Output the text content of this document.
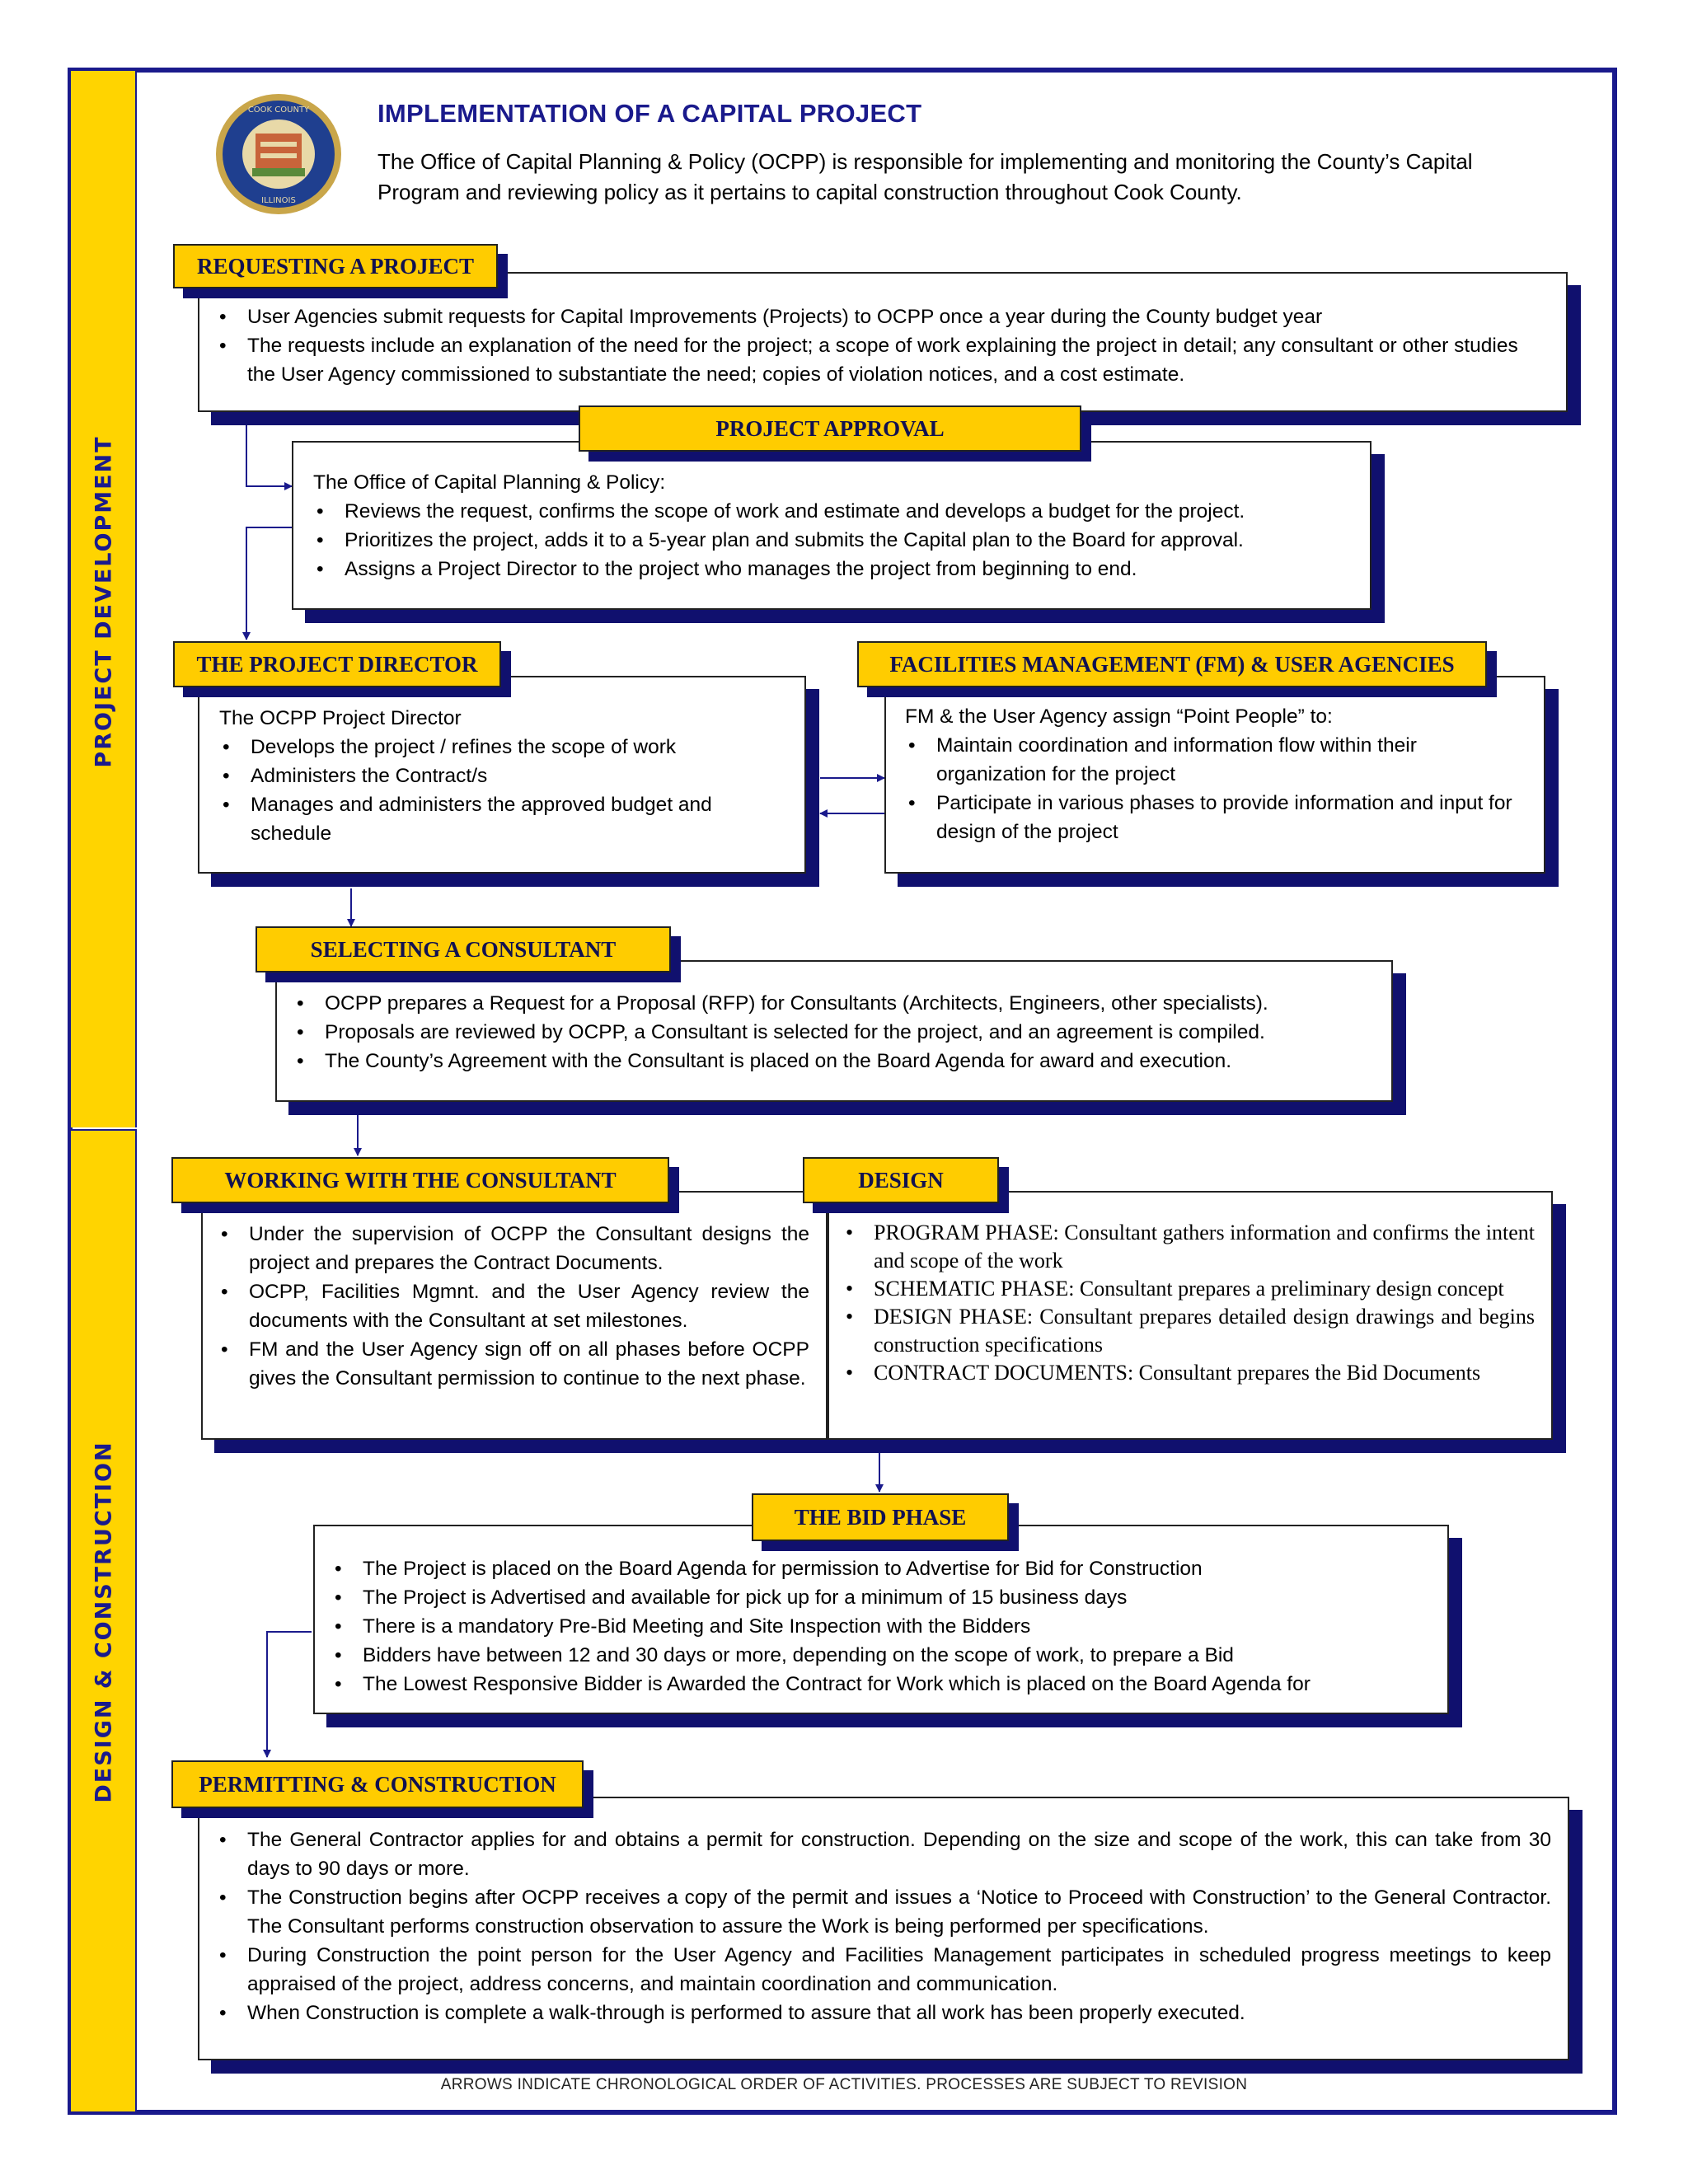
PROJECT DEVELOPMENT
DESIGN & CONSTRUCTION
COOK COUNTY
ILLINOIS
IMPLEMENTATION OF A CAPITAL PROJECT
The Office of Capital Planning & Policy (OCPP) is responsible for implementing and monitoring the County’s Capital Program and reviewing policy as it pertains to capital construction throughout Cook County.
• User Agencies submit requests for Capital Improvements (Projects) to OCPP once a year during the County budget year
• The requests include an explanation of the need for the project; a scope of work explaining the project in detail; any consultant or other studies the User Agency commissioned to substantiate the need; copies of violation notices, and a cost estimate.
REQUESTING A PROJECT
The Office of Capital Planning & Policy:
• Reviews the request, confirms the scope of work and estimate and develops a budget for the project.
• Prioritizes the project, adds it to a 5-year plan and submits the Capital plan to the Board for approval.
• Assigns a Project Director to the project who manages the project from beginning to end.
PROJECT APPROVAL
The OCPP Project Director
• Develops the project / refines the scope of work
• Administers the Contract/s
• Manages and administers the approved budget and schedule
THE PROJECT DIRECTOR
FM & the User Agency assign “Point People” to:
• Maintain coordination and information flow within their organization for the project
• Participate in various phases to provide information and input for design of the project
FACILITIES MANAGEMENT (FM) & USER AGENCIES
• OCPP prepares a Request for a Proposal (RFP) for Consultants (Architects, Engineers, other specialists).
• Proposals are reviewed by OCPP, a Consultant is selected for the project, and an agreement is compiled.
• The County’s Agreement with the Consultant is placed on the Board Agenda for award and execution.
SELECTING A CONSULTANT
• Under the supervision of OCPP the Consultant designs the project and prepares the Contract Documents.
• OCPP, Facilities Mgmnt. and the User Agency review the documents with the Consultant at set milestones.
• FM and the User Agency sign off on all phases before OCPP gives the Consultant permission to continue to the next phase.
WORKING WITH THE CONSULTANT
• PROGRAM PHASE: Consultant gathers information and confirms the intent and scope of the work
• SCHEMATIC PHASE: Consultant prepares a preliminary design concept
• DESIGN PHASE: Consultant prepares detailed design drawings and begins construction specifications
• CONTRACT DOCUMENTS: Consultant prepares the Bid Documents
DESIGN
• The Project is placed on the Board Agenda for permission to Advertise for Bid for Construction
• The Project is Advertised and available for pick up for a minimum of 15 business days
• There is a mandatory Pre-Bid Meeting and Site Inspection with the Bidders
• Bidders have between 12 and 30 days or more, depending on the scope of work, to prepare a Bid
• The Lowest Responsive Bidder is Awarded the Contract for Work which is placed on the Board Agenda for
THE BID PHASE
• The General Contractor applies for and obtains a permit for construction. Depending on the size and scope of the work, this can take from 30 days to 90 days or more.
• The Construction begins after OCPP receives a copy of the permit and issues a ‘Notice to Proceed with Construction’ to the General Contractor. The Consultant performs construction observation to assure the Work is being performed per specifications.
• During Construction the point person for the User Agency and Facilities Management participates in scheduled progress meetings to keep appraised of the project, address concerns, and maintain coordination and communication.
• When Construction is complete a walk-through is performed to assure that all work has been properly executed.
PERMITTING & CONSTRUCTION
ARROWS INDICATE CHRONOLOGICAL ORDER OF ACTIVITIES. PROCESSES ARE SUBJECT TO REVISION
